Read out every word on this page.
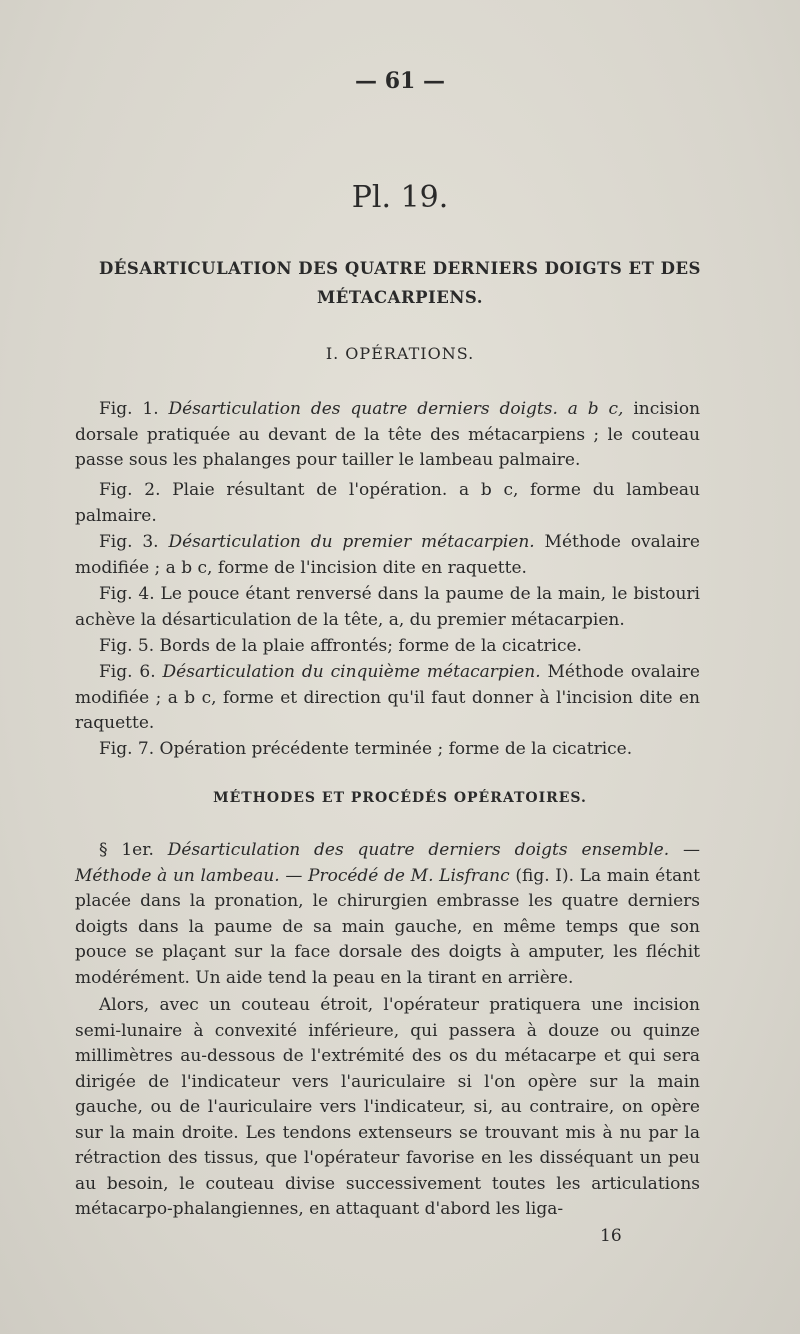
— 61 —
Pl. 19.
DÉSARTICULATION DES QUATRE DERNIERS DOIGTS ET DES
MÉTACARPIENS.
I. OPÉRATIONS.

Fig. 1. Désarticulation des quatre derniers doigts. a b c, incision dorsale pratiquée au devant de la tête des métacarpiens ; le couteau passe sous les phalanges pour tailler le lambeau palmaire.

Fig. 2. Plaie résultant de l'opération. a b c, forme du lambeau palmaire.

Fig. 3. Désarticulation du premier métacarpien. Méthode ovalaire modifiée ; a b c, forme de l'incision dite en raquette.

Fig. 4. Le pouce étant renversé dans la paume de la main, le bistouri achève la désarticulation de la tête, a, du premier métacarpien.

Fig. 5. Bords de la plaie affrontés; forme de la cicatrice.

Fig. 6. Désarticulation du cinquième métacarpien. Méthode ovalaire modifiée ; a b c, forme et direction qu'il faut donner à l'incision dite en raquette.

Fig. 7. Opération précédente terminée ; forme de la cicatrice.

MÉTHODES ET PROCÉDÉS OPÉRATOIRES.

§ 1er. Désarticulation des quatre derniers doigts ensemble. — Méthode à un lambeau. — Procédé de M. Lisfranc (fig. I). La main étant placée dans la pronation, le chirurgien embrasse les quatre derniers doigts dans la paume de sa main gauche, en même temps que son pouce se plaçant sur la face dorsale des doigts à amputer, les fléchit modérément. Un aide tend la peau en la tirant en arrière.

Alors, avec un couteau étroit, l'opérateur pratiquera une incision semi-lunaire à convexité inférieure, qui passera à douze ou quinze millimètres au-dessous de l'extrémité des os du métacarpe et qui sera dirigée de l'indicateur vers l'auriculaire si l'on opère sur la main gauche, ou de l'auriculaire vers l'indicateur, si, au contraire, on opère sur la main droite. Les tendons extenseurs se trouvant mis à nu par la rétraction des tissus, que l'opérateur favorise en les disséquant un peu au besoin, le couteau divise successivement toutes les articulations métacarpo-phalangiennes, en attaquant d'abord les liga-

16
